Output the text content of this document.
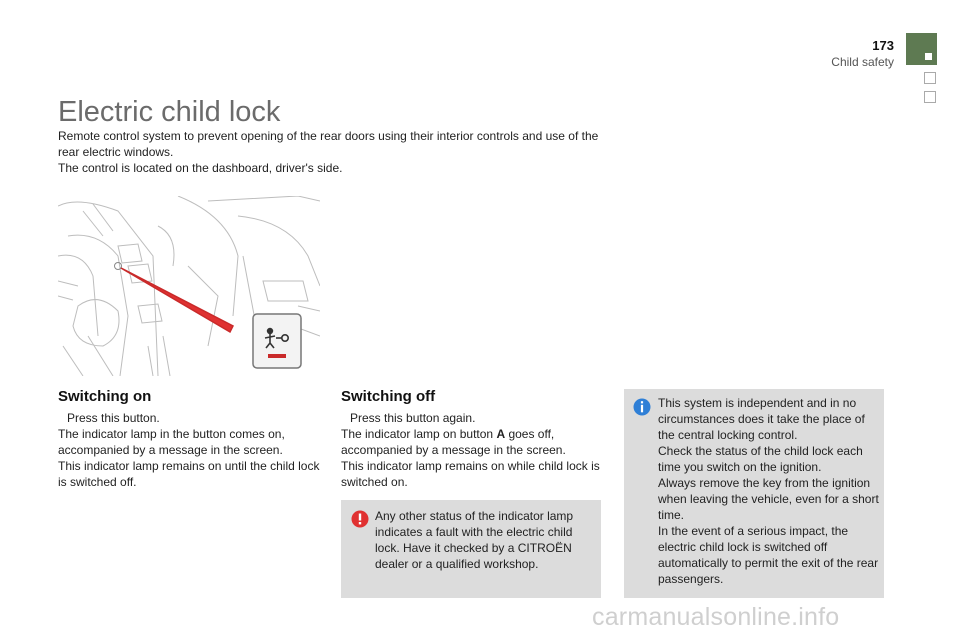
173
Child safety
Electric child lock

Remote control system to prevent opening of the rear doors using their interior controls and use of the rear electric windows.

The control is located on the dashboard, driver's side.

Switching on

Press this button.

The indicator lamp in the button comes on, accompanied by a message in the screen.

This indicator lamp remains on until the child lock is switched off.

Switching off

Press this button again.

The indicator lamp on button A goes off, accompanied by a message in the screen.

This indicator lamp remains on while child lock is switched on.

Any other status of the indicator lamp indicates a fault with the electric child lock. Have it checked by a CITROËN dealer or a qualified workshop.

This system is independent and in no circumstances does it take the place of the central locking control.

Check the status of the child lock each time you switch on the ignition.

Always remove the key from the ignition when leaving the vehicle, even for a short time.

In the event of a serious impact, the electric child lock is switched off automatically to permit the exit of the rear passengers.

carmanualsonline.info
